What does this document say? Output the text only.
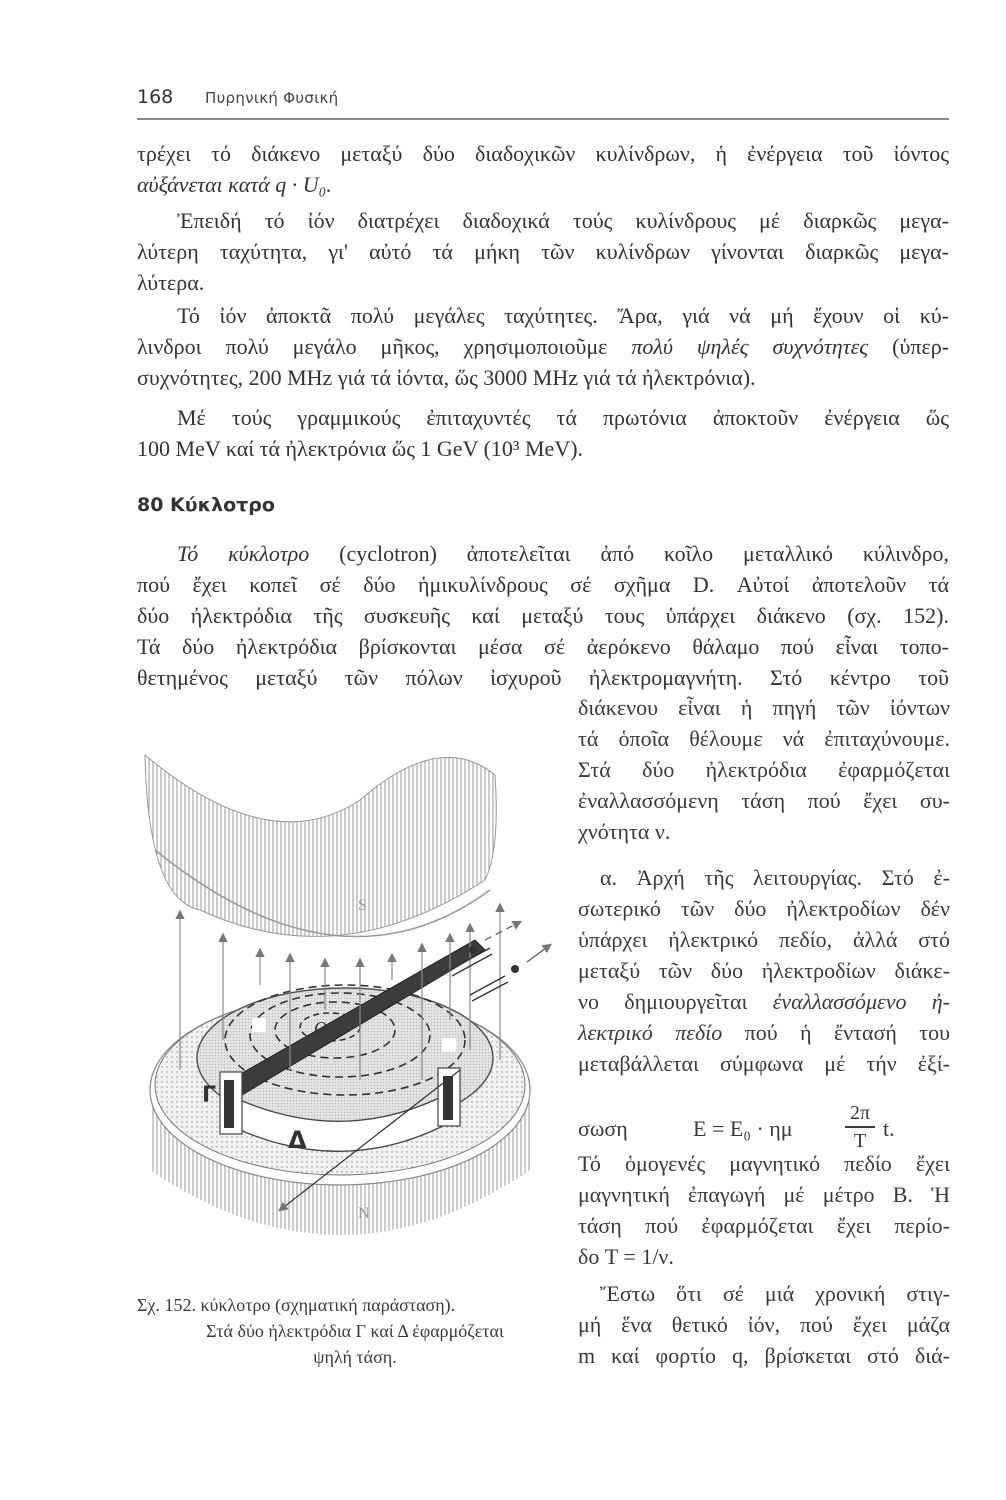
168 Πυρηνική Φυσική
τρέχει τό διάκενο μεταξύ δύο διαδοχικῶν κυλίνδρων, ἡ ἐνέργεια τοῦ ἰόντος
αὐξάνεται κατά q · U₀.
Ἐπειδή τό ἰόν διατρέχει διαδοχικά τούς κυλίνδρους μέ διαρκῶς μεγα-
λύτερη ταχύτητα, γι' αὐτό τά μήκη τῶν κυλίνδρων γίνονται διαρκῶς μεγα-
λύτερα.
Τό ἰόν ἀποκτᾶ πολύ μεγάλες ταχύτητες. Ἄρα, γιά νά μή ἔχουν οἱ κύ-
λινδροι πολύ μεγάλο μῆκος, χρησιμοποιοῦμε πολύ ψηλές συχνότητες (ὑπερ-
συχνότητες, 200 MHz γιά τά ἰόντα, ὥς 3000 MHz γιά τά ἠλεκτρόνια).
Μέ τούς γραμμικούς ἐπιταχυντές τά πρωτόνια ἀποκτοῦν ἐνέργεια ὥς
100 MeV καί τά ἠλεκτρόνια ὥς 1 GeV (10³ MeV).
80 Κύκλοτρο
Τό κύκλοτρο (cyclotron) ἀποτελεῖται ἀπό κοῖλο μεταλλικό κύλινδρο,
πού ἔχει κοπεῖ σέ δύο ἡμικυλίνδρους σέ σχῆμα D. Αὐτοί ἀποτελοῦν τά
δύο ἠλεκτρόδια τῆς συσκευῆς καί μεταξύ τους ὑπάρχει διάκενο (σχ. 152).
Τά δύο ἠλεκτρόδια βρίσκονται μέσα σέ ἀερόκενο θάλαμο πού εἶναι τοπο-
θετημένος μεταξύ τῶν πόλων ἰσχυροῦ ἠλεκτρομαγνήτη. Στό κέντρο τοῦ
διάκενου εἶναι ἡ πηγή τῶν ἰόντων
τά ὁποῖα θέλουμε νά ἐπιταχύνουμε.
Στά δύο ἠλεκτρόδια ἐφαρμόζεται
ἐναλλασσόμενη τάση πού ἔχει συ-
χνότητα ν.
α. Ἀρχή τῆς λειτουργίας. Στό ἐ-
σωτερικό τῶν δύο ἠλεκτροδίων δέν
ὑπάρχει ἠλεκτρικό πεδίο, ἀλλά στό
μεταξύ τῶν δύο ἠλεκτροδίων διάκε-
νο δημιουργεῖται ἐναλλασσόμενο ἠ-
λεκτρικό πεδίο πού ἡ ἔντασή του
μεταβάλλεται σύμφωνα μέ τήν ἐξί-
σωση	E = E₀ · ημ
2π
T t.
Τό ὁμογενές μαγνητικό πεδίο ἔχει
μαγνητική ἐπαγωγή μέ μέτρο B. Ἡ
τάση πού ἐφαρμόζεται ἔχει περίο-
δο T = 1/ν.
Ἔστω ὅτι σέ μιά χρονική στιγ-
μή ἕνα θετικό ἰόν, πού ἔχει μάζα
m καί φορτίο q, βρίσκεται στό διά-
S
N
O
Γ
Δ
Σχ. 152. κύκλοτρο (σχηματική παράσταση).
Στά δύο ἠλεκτρόδια Γ καί Δ ἐφαρμόζεται
ψηλή τάση.
